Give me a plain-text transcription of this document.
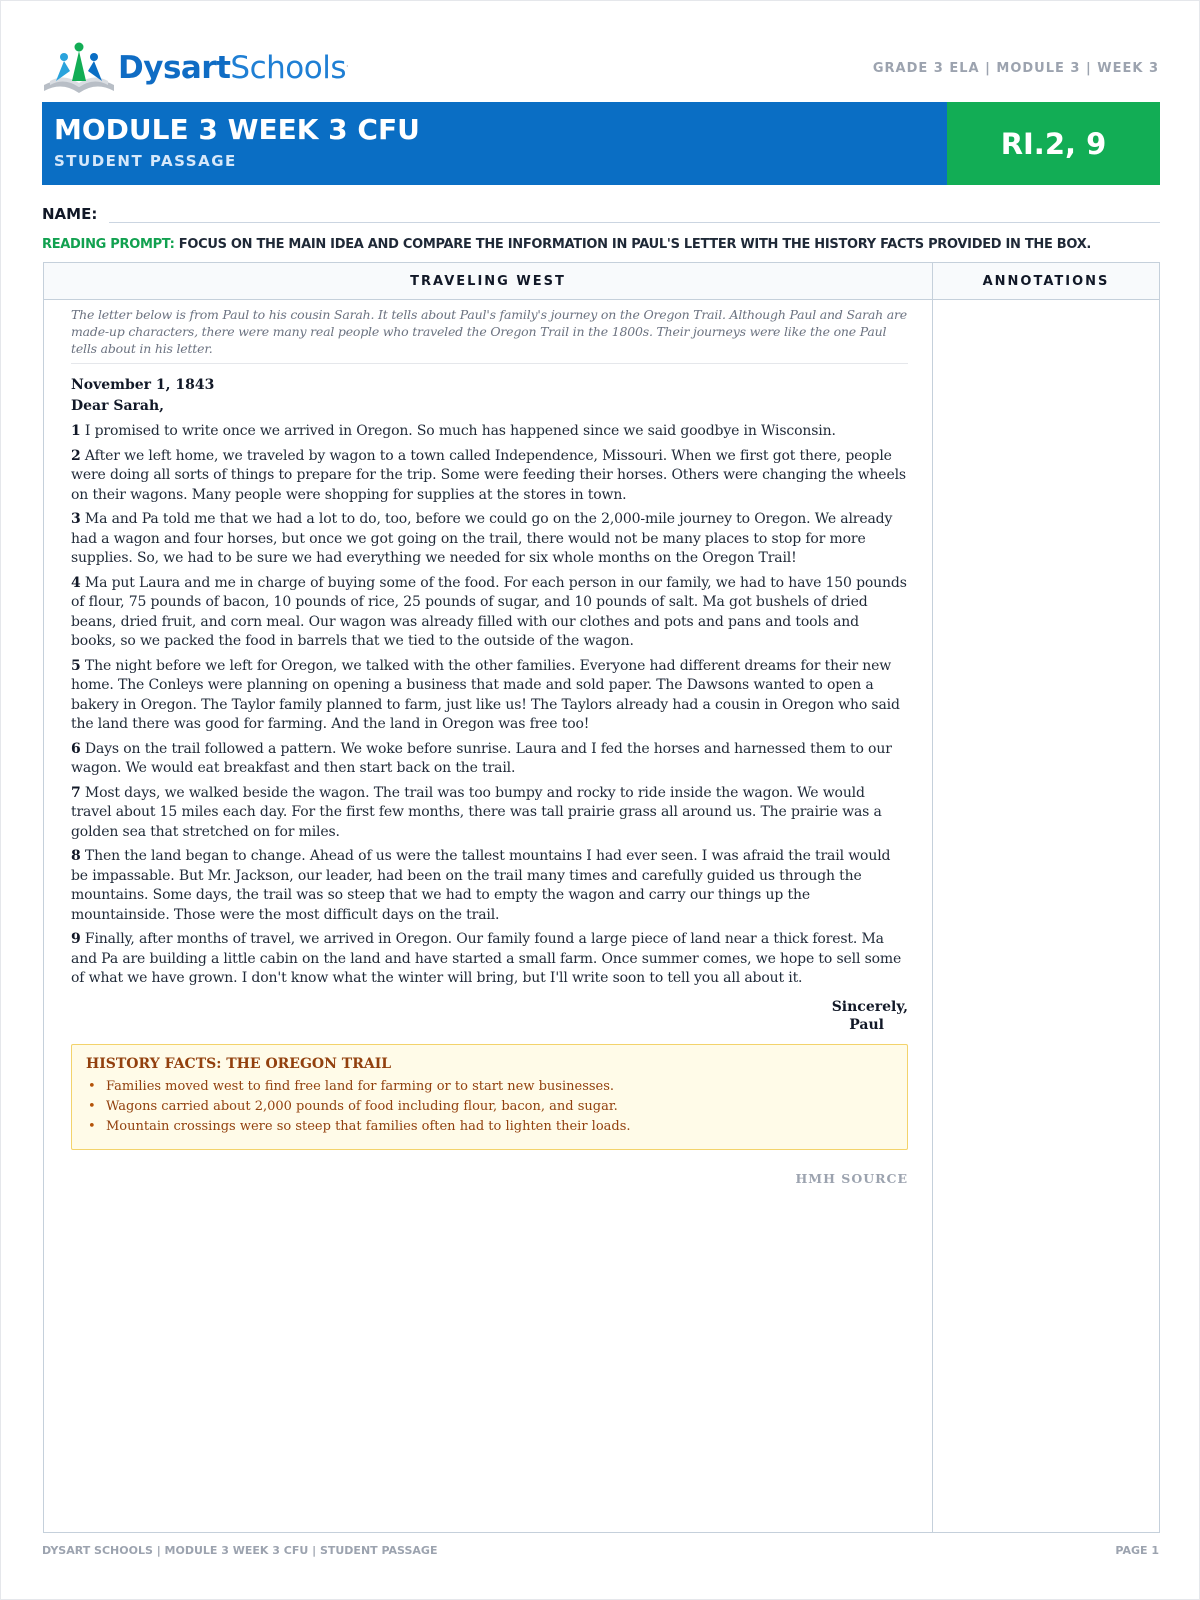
DysartSchools.	GRADE 3 ELA | MODULE 3 | WEEK 3
MODULE 3 WEEK 3 CFU
STUDENT PASSAGE
RI.2, 9
NAME:
READING PROMPT: FOCUS ON THE MAIN IDEA AND COMPARE THE INFORMATION IN PAUL'S LETTER WITH THE HISTORY FACTS PROVIDED IN THE BOX.
TRAVELING WEST
The letter below is from Paul to his cousin Sarah. It tells about Paul's family's journey on the Oregon Trail. Although Paul and Sarah are made-up characters, there were many real people who traveled the Oregon Trail in the 1800s. Their journeys were like the one Paul tells about in his letter.
November 1, 1843
Dear Sarah,
1 I promised to write once we arrived in Oregon. So much has happened since we said goodbye in Wisconsin.
2 After we left home, we traveled by wagon to a town called Independence, Missouri. When we first got there, people were doing all sorts of things to prepare for the trip. Some were feeding their horses. Others were changing the wheels on their wagons. Many people were shopping for supplies at the stores in town.
3 Ma and Pa told me that we had a lot to do, too, before we could go on the 2,000-mile journey to Oregon. We already had a wagon and four horses, but once we got going on the trail, there would not be many places to stop for more supplies. So, we had to be sure we had everything we needed for six whole months on the Oregon Trail!
4 Ma put Laura and me in charge of buying some of the food. For each person in our family, we had to have 150 pounds of flour, 75 pounds of bacon, 10 pounds of rice, 25 pounds of sugar, and 10 pounds of salt. Ma got bushels of dried beans, dried fruit, and corn meal. Our wagon was already filled with our clothes and pots and pans and tools and books, so we packed the food in barrels that we tied to the outside of the wagon.
5 The night before we left for Oregon, we talked with the other families. Everyone had different dreams for their new home. The Conleys were planning on opening a business that made and sold paper. The Dawsons wanted to open a bakery in Oregon. The Taylor family planned to farm, just like us! The Taylors already had a cousin in Oregon who said the land there was good for farming. And the land in Oregon was free too!
6 Days on the trail followed a pattern. We woke before sunrise. Laura and I fed the horses and harnessed them to our wagon. We would eat breakfast and then start back on the trail.
7 Most days, we walked beside the wagon. The trail was too bumpy and rocky to ride inside the wagon. We would travel about 15 miles each day. For the first few months, there was tall prairie grass all around us. The prairie was a golden sea that stretched on for miles.
8 Then the land began to change. Ahead of us were the tallest mountains I had ever seen. I was afraid the trail would be impassable. But Mr. Jackson, our leader, had been on the trail many times and carefully guided us through the mountains. Some days, the trail was so steep that we had to empty the wagon and carry our things up the mountainside. Those were the most difficult days on the trail.
9 Finally, after months of travel, we arrived in Oregon. Our family found a large piece of land near a thick forest. Ma and Pa are building a little cabin on the land and have started a small farm. Once summer comes, we hope to sell some of what we have grown. I don't know what the winter will bring, but I'll write soon to tell you all about it.
Sincerely,
Paul
HISTORY FACTS: THE OREGON TRAIL
• Families moved west to find free land for farming or to start new businesses.
• Wagons carried about 2,000 pounds of food including flour, bacon, and sugar.
• Mountain crossings were so steep that families often had to lighten their loads.
HMH SOURCE
ANNOTATIONS
DYSART SCHOOLS | MODULE 3 WEEK 3 CFU | STUDENT PASSAGE	PAGE 1
